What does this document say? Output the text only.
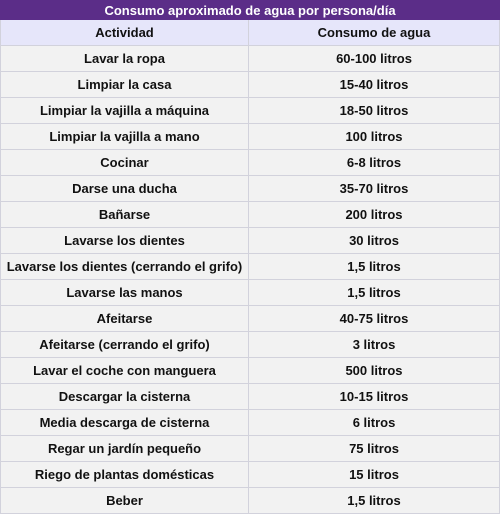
Consumo aproximado de agua por persona/día	
Actividad	Consumo de agua
Lavar la ropa	60-100 litros
Limpiar la casa	15-40 litros
Limpiar la vajilla a máquina	18-50 litros
Limpiar la vajilla a mano	100 litros
Cocinar	6-8 litros
Darse una ducha	35-70 litros
Bañarse	200 litros
Lavarse los dientes	30 litros
Lavarse los dientes (cerrando el grifo)	1,5 litros
Lavarse las manos	1,5 litros
Afeitarse	40-75 litros
Afeitarse (cerrando el grifo)	3 litros
Lavar el coche con manguera	500 litros
Descargar la cisterna	10-15 litros
Media descarga de cisterna	6 litros
Regar un jardín pequeño	75 litros
Riego de plantas domésticas	15 litros
Beber	1,5 litros
